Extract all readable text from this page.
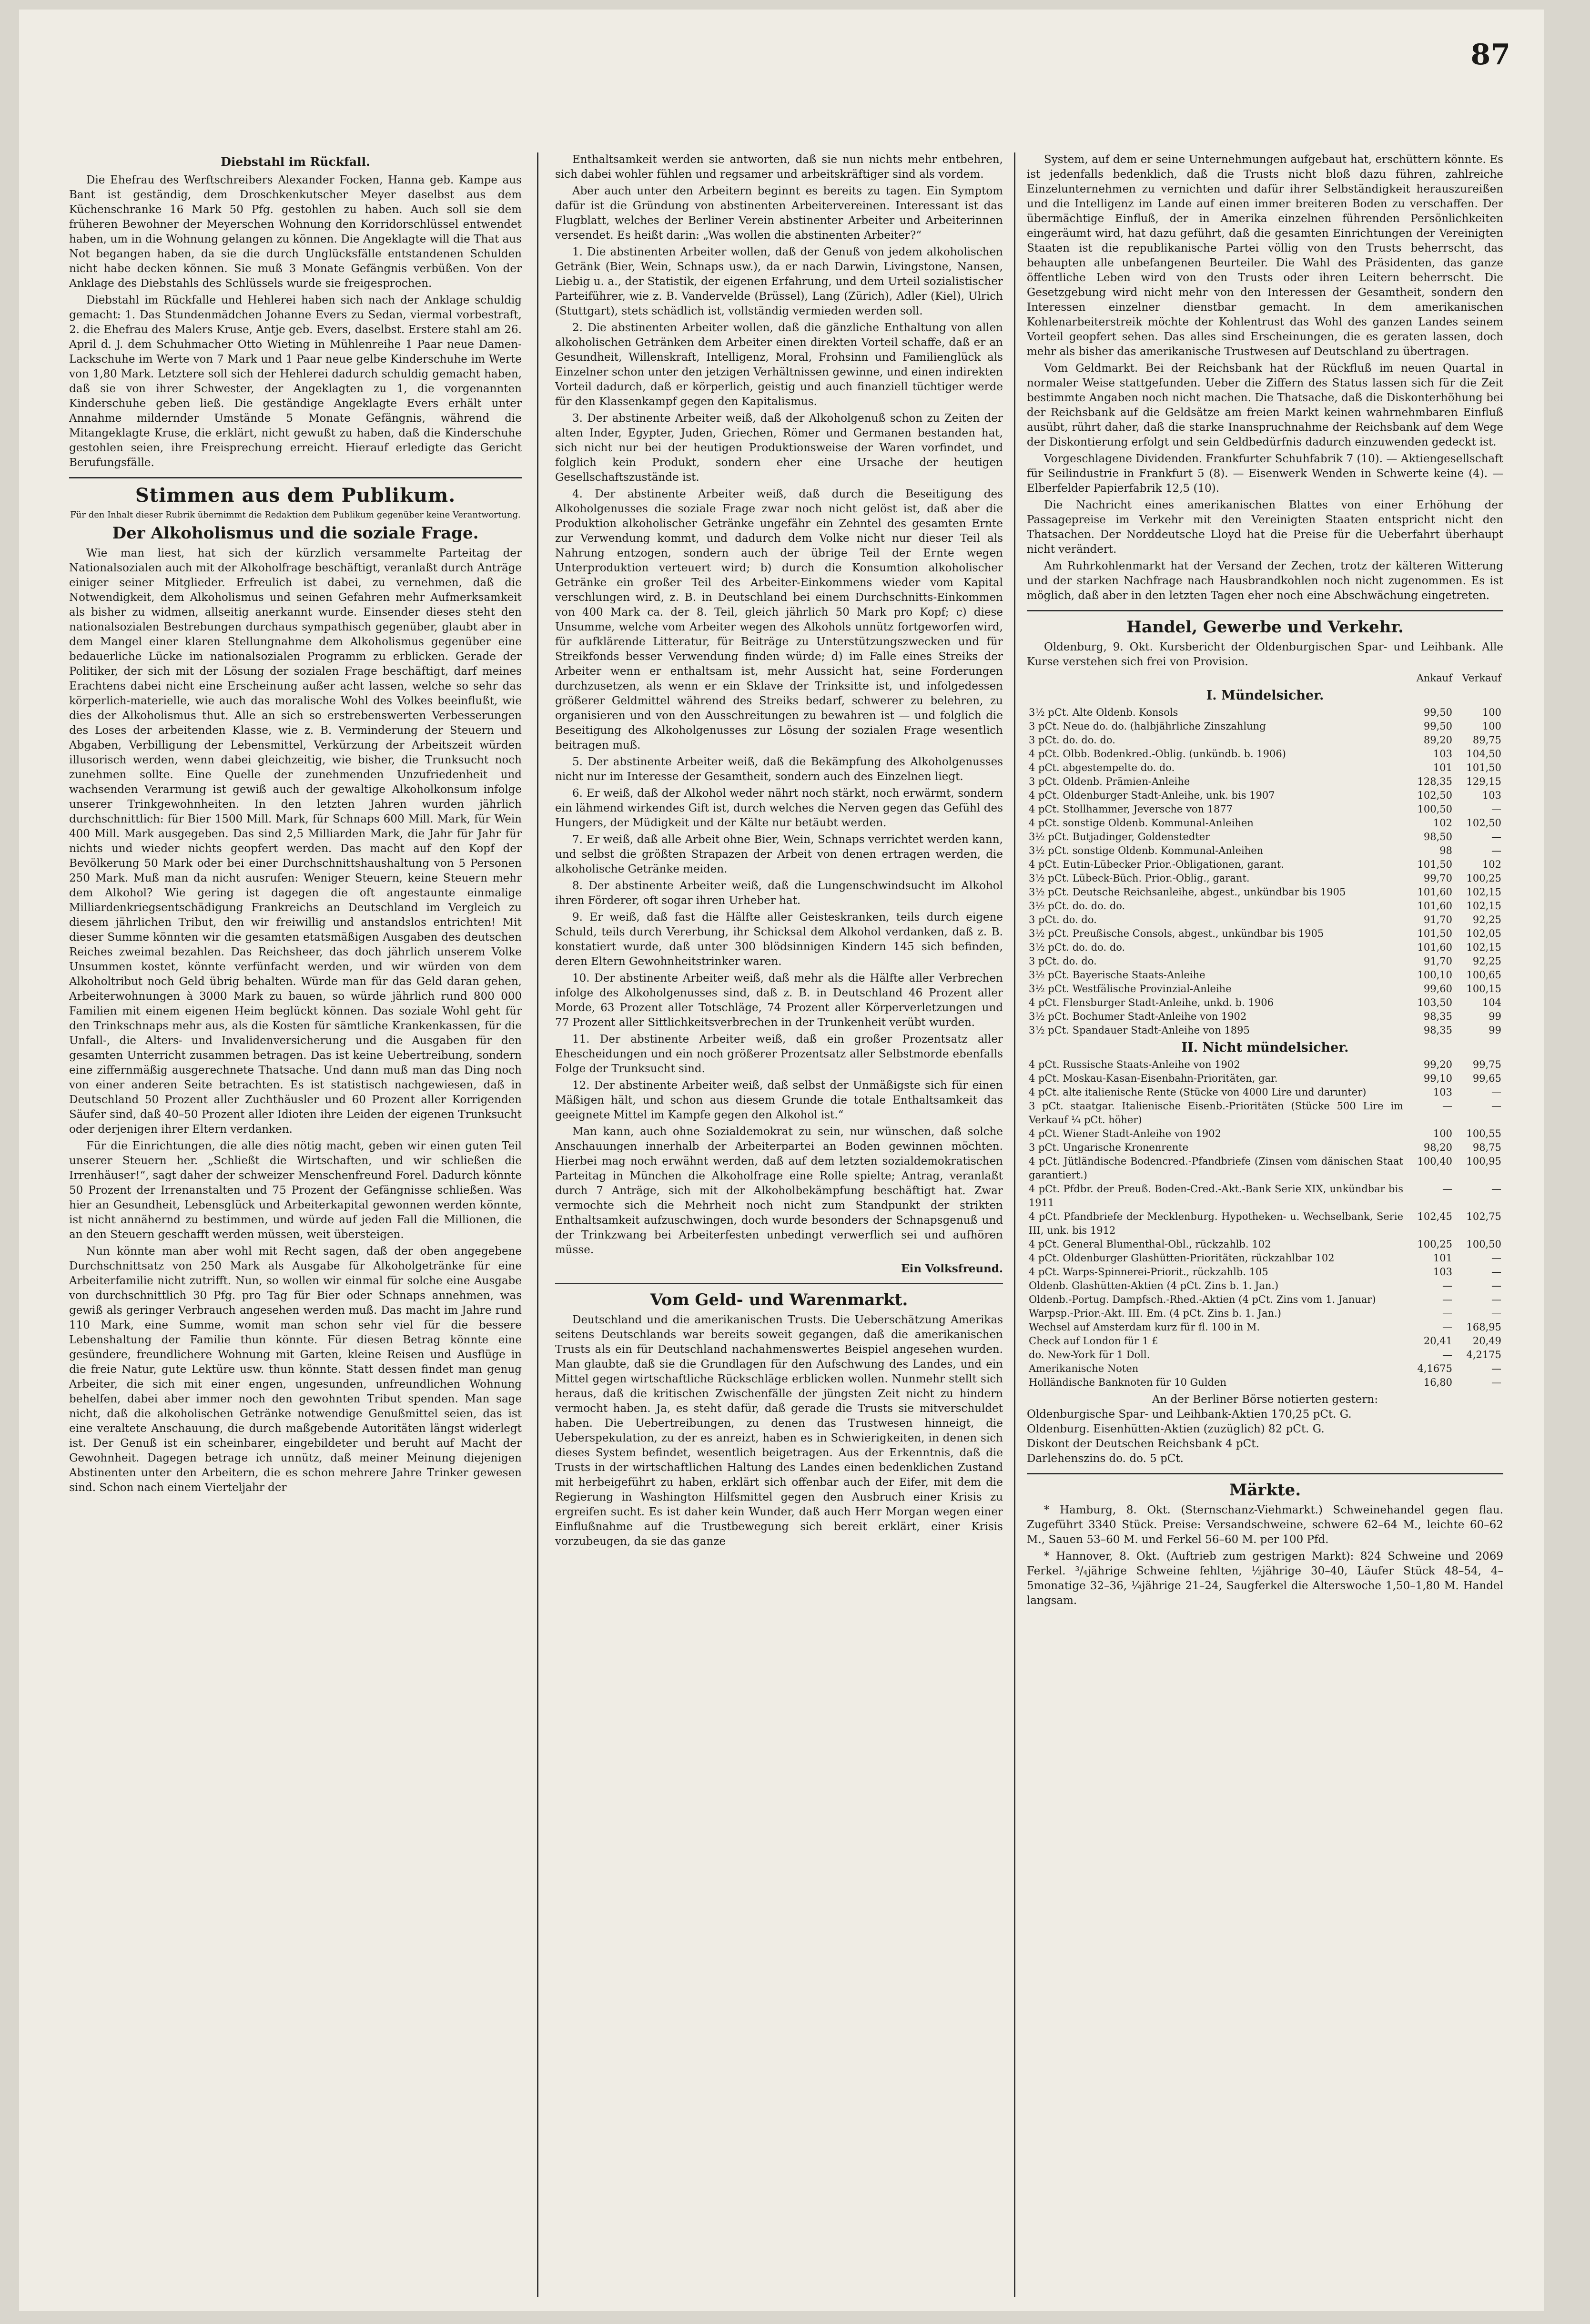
87
Diebstahl im Rückfall.

Die Ehefrau des Werftschreibers Alexander Focken, Hanna geb. Kampe aus Bant ist geständig, dem Droschkenkutscher Meyer daselbst aus dem Küchenschranke 16 Mark 50 Pfg. gestohlen zu haben. Auch soll sie dem früheren Bewohner der Meyerschen Wohnung den Korridorschlüssel entwendet haben, um in die Wohnung gelangen zu können. Die Angeklagte will die That aus Not begangen haben, da sie die durch Unglücksfälle entstandenen Schulden nicht habe decken können. Sie muß 3 Monate Gefängnis verbüßen. Von der Anklage des Diebstahls des Schlüssels wurde sie freigesprochen.

Diebstahl im Rückfalle und Hehlerei haben sich nach der Anklage schuldig gemacht: 1. Das Stundenmädchen Johanne Evers zu Sedan, viermal vorbestraft, 2. die Ehefrau des Malers Kruse, Antje geb. Evers, daselbst. Erstere stahl am 26. April d. J. dem Schuhmacher Otto Wieting in Mühlenreihe 1 Paar neue Damen-Lackschuhe im Werte von 7 Mark und 1 Paar neue gelbe Kinderschuhe im Werte von 1,80 Mark. Letztere soll sich der Hehlerei dadurch schuldig gemacht haben, daß sie von ihrer Schwester, der Angeklagten zu 1, die vorgenannten Kinderschuhe geben ließ. Die geständige Angeklagte Evers erhält unter Annahme mildernder Umstände 5 Monate Gefängnis, während die Mitangeklagte Kruse, die erklärt, nicht gewußt zu haben, daß die Kinderschuhe gestohlen seien, ihre Freisprechung erreicht. Hierauf erledigte das Gericht Berufungsfälle.

Stimmen aus dem Publikum.
Für den Inhalt dieser Rubrik übernimmt die Redaktion dem Publikum gegenüber keine Verantwortung.
Der Alkoholismus und die soziale Frage.

Wie man liest, hat sich der kürzlich versammelte Parteitag der Nationalsozialen auch mit der Alkoholfrage beschäftigt, veranlaßt durch Anträge einiger seiner Mitglieder. Erfreulich ist dabei, zu vernehmen, daß die Notwendigkeit, dem Alkoholismus und seinen Gefahren mehr Aufmerksamkeit als bisher zu widmen, allseitig anerkannt wurde. Einsender dieses steht den nationalsozialen Bestrebungen durchaus sympathisch gegenüber, glaubt aber in dem Mangel einer klaren Stellungnahme dem Alkoholismus gegenüber eine bedauerliche Lücke im nationalsozialen Programm zu erblicken. Gerade der Politiker, der sich mit der Lösung der sozialen Frage beschäftigt, darf meines Erachtens dabei nicht eine Erscheinung außer acht lassen, welche so sehr das körperlich-materielle, wie auch das moralische Wohl des Volkes beeinflußt, wie dies der Alkoholismus thut. Alle an sich so erstrebenswerten Verbesserungen des Loses der arbeitenden Klasse, wie z. B. Verminderung der Steuern und Abgaben, Verbilligung der Lebensmittel, Verkürzung der Arbeitszeit würden illusorisch werden, wenn dabei gleichzeitig, wie bisher, die Trunksucht noch zunehmen sollte. Eine Quelle der zunehmenden Unzufriedenheit und wachsenden Verarmung ist gewiß auch der gewaltige Alkoholkonsum infolge unserer Trinkgewohnheiten. In den letzten Jahren wurden jährlich durchschnittlich: für Bier 1500 Mill. Mark, für Schnaps 600 Mill. Mark, für Wein 400 Mill. Mark ausgegeben. Das sind 2,5 Milliarden Mark, die Jahr für Jahr für nichts und wieder nichts geopfert werden. Das macht auf den Kopf der Bevölkerung 50 Mark oder bei einer Durchschnittshaushaltung von 5 Personen 250 Mark. Muß man da nicht ausrufen: Weniger Steuern, keine Steuern mehr dem Alkohol? Wie gering ist dagegen die oft angestaunte einmalige Milliardenkriegsentschädigung Frankreichs an Deutschland im Vergleich zu diesem jährlichen Tribut, den wir freiwillig und anstandslos entrichten! Mit dieser Summe könnten wir die gesamten etatsmäßigen Ausgaben des deutschen Reiches zweimal bezahlen. Das Reichsheer, das doch jährlich unserem Volke Unsummen kostet, könnte verfünfacht werden, und wir würden von dem Alkoholtribut noch Geld übrig behalten. Würde man für das Geld daran gehen, Arbeiterwohnungen à 3000 Mark zu bauen, so würde jährlich rund 800 000 Familien mit einem eigenen Heim beglückt können. Das soziale Wohl geht für den Trinkschnaps mehr aus, als die Kosten für sämtliche Krankenkassen, für die Unfall-, die Alters- und Invalidenversicherung und die Ausgaben für den gesamten Unterricht zusammen betragen. Das ist keine Uebertreibung, sondern eine ziffernmäßig ausgerechnete Thatsache. Und dann muß man das Ding noch von einer anderen Seite betrachten. Es ist statistisch nachgewiesen, daß in Deutschland 50 Prozent aller Zuchthäusler und 60 Prozent aller Korrigenden Säufer sind, daß 40–50 Prozent aller Idioten ihre Leiden der eigenen Trunksucht oder derjenigen ihrer Eltern verdanken.

Für die Einrichtungen, die alle dies nötig macht, geben wir einen guten Teil unserer Steuern her. „Schließt die Wirtschaften, und wir schließen die Irrenhäuser!“, sagt daher der schweizer Menschenfreund Forel. Dadurch könnte 50 Prozent der Irrenanstalten und 75 Prozent der Gefängnisse schließen. Was hier an Gesundheit, Lebensglück und Arbeiterkapital gewonnen werden könnte, ist nicht annähernd zu bestimmen, und würde auf jeden Fall die Millionen, die an den Steuern geschafft werden müssen, weit übersteigen.

Nun könnte man aber wohl mit Recht sagen, daß der oben angegebene Durchschnittsatz von 250 Mark als Ausgabe für Alkoholgetränke für eine Arbeiterfamilie nicht zutrifft. Nun, so wollen wir einmal für solche eine Ausgabe von durchschnittlich 30 Pfg. pro Tag für Bier oder Schnaps annehmen, was gewiß als geringer Verbrauch angesehen werden muß. Das macht im Jahre rund 110 Mark, eine Summe, womit man schon sehr viel für die bessere Lebenshaltung der Familie thun könnte. Für diesen Betrag könnte eine gesündere, freundlichere Wohnung mit Garten, kleine Reisen und Ausflüge in die freie Natur, gute Lektüre usw. thun könnte. Statt dessen findet man genug Arbeiter, die sich mit einer engen, ungesunden, unfreundlichen Wohnung behelfen, dabei aber immer noch den gewohnten Tribut spenden. Man sage nicht, daß die alkoholischen Getränke notwendige Genußmittel seien, das ist eine veraltete Anschauung, die durch maßgebende Autoritäten längst widerlegt ist. Der Genuß ist ein scheinbarer, eingebildeter und beruht auf Macht der Gewohnheit. Dagegen betrage ich unnütz, daß meiner Meinung diejenigen Abstinenten unter den Arbeitern, die es schon mehrere Jahre Trinker gewesen sind. Schon nach einem Vierteljahr der

Enthaltsamkeit werden sie antworten, daß sie nun nichts mehr entbehren, sich dabei wohler fühlen und regsamer und arbeitskräftiger sind als vordem.

Aber auch unter den Arbeitern beginnt es bereits zu tagen. Ein Symptom dafür ist die Gründung von abstinenten Arbeitervereinen. Interessant ist das Flugblatt, welches der Berliner Verein abstinenter Arbeiter und Arbeiterinnen versendet. Es heißt darin: „Was wollen die abstinenten Arbeiter?“

1. Die abstinenten Arbeiter wollen, daß der Genuß von jedem alkoholischen Getränk (Bier, Wein, Schnaps usw.), da er nach Darwin, Livingstone, Nansen, Liebig u. a., der Statistik, der eigenen Erfahrung, und dem Urteil sozialistischer Parteiführer, wie z. B. Vandervelde (Brüssel), Lang (Zürich), Adler (Kiel), Ulrich (Stuttgart), stets schädlich ist, vollständig vermieden werden soll.

2. Die abstinenten Arbeiter wollen, daß die gänzliche Enthaltung von allen alkoholischen Getränken dem Arbeiter einen direkten Vorteil schaffe, daß er an Gesundheit, Willenskraft, Intelligenz, Moral, Frohsinn und Familienglück als Einzelner schon unter den jetzigen Verhältnissen gewinne, und einen indirekten Vorteil dadurch, daß er körperlich, geistig und auch finanziell tüchtiger werde für den Klassenkampf gegen den Kapitalismus.

3. Der abstinente Arbeiter weiß, daß der Alkoholgenuß schon zu Zeiten der alten Inder, Egypter, Juden, Griechen, Römer und Germanen bestanden hat, sich nicht nur bei der heutigen Produktionsweise der Waren vorfindet, und folglich kein Produkt, sondern eher eine Ursache der heutigen Gesellschaftszustände ist.

4. Der abstinente Arbeiter weiß, daß durch die Beseitigung des Alkoholgenusses die soziale Frage zwar noch nicht gelöst ist, daß aber die Produktion alkoholischer Getränke ungefähr ein Zehntel des gesamten Ernte zur Verwendung kommt, und dadurch dem Volke nicht nur dieser Teil als Nahrung entzogen, sondern auch der übrige Teil der Ernte wegen Unterproduktion verteuert wird; b) durch die Konsumtion alkoholischer Getränke ein großer Teil des Arbeiter-Einkommens wieder vom Kapital verschlungen wird, z. B. in Deutschland bei einem Durchschnitts-Einkommen von 400 Mark ca. der 8. Teil, gleich jährlich 50 Mark pro Kopf; c) diese Unsumme, welche vom Arbeiter wegen des Alkohols unnütz fortgeworfen wird, für aufklärende Litteratur, für Beiträge zu Unterstützungszwecken und für Streikfonds besser Verwendung finden würde; d) im Falle eines Streiks der Arbeiter wenn er enthaltsam ist, mehr Aussicht hat, seine Forderungen durchzusetzen, als wenn er ein Sklave der Trinksitte ist, und infolgedessen größerer Geldmittel während des Streiks bedarf, schwerer zu belehren, zu organisieren und von den Ausschreitungen zu bewahren ist — und folglich die Beseitigung des Alkoholgenusses zur Lösung der sozialen Frage wesentlich beitragen muß.

5. Der abstinente Arbeiter weiß, daß die Bekämpfung des Alkoholgenusses nicht nur im Interesse der Gesamtheit, sondern auch des Einzelnen liegt.

6. Er weiß, daß der Alkohol weder nährt noch stärkt, noch erwärmt, sondern ein lähmend wirkendes Gift ist, durch welches die Nerven gegen das Gefühl des Hungers, der Müdigkeit und der Kälte nur betäubt werden.

7. Er weiß, daß alle Arbeit ohne Bier, Wein, Schnaps verrichtet werden kann, und selbst die größten Strapazen der Arbeit von denen ertragen werden, die alkoholische Getränke meiden.

8. Der abstinente Arbeiter weiß, daß die Lungenschwindsucht im Alkohol ihren Förderer, oft sogar ihren Urheber hat.

9. Er weiß, daß fast die Hälfte aller Geisteskranken, teils durch eigene Schuld, teils durch Vererbung, ihr Schicksal dem Alkohol verdanken, daß z. B. konstatiert wurde, daß unter 300 blödsinnigen Kindern 145 sich befinden, deren Eltern Gewohnheitstrinker waren.

10. Der abstinente Arbeiter weiß, daß mehr als die Hälfte aller Verbrechen infolge des Alkoholgenusses sind, daß z. B. in Deutschland 46 Prozent aller Morde, 63 Prozent aller Totschläge, 74 Prozent aller Körperverletzungen und 77 Prozent aller Sittlichkeitsverbrechen in der Trunkenheit verübt wurden.

11. Der abstinente Arbeiter weiß, daß ein großer Prozentsatz aller Ehescheidungen und ein noch größerer Prozentsatz aller Selbstmorde ebenfalls Folge der Trunksucht sind.

12. Der abstinente Arbeiter weiß, daß selbst der Unmäßigste sich für einen Mäßigen hält, und schon aus diesem Grunde die totale Enthaltsamkeit das geeignete Mittel im Kampfe gegen den Alkohol ist.“

Man kann, auch ohne Sozialdemokrat zu sein, nur wünschen, daß solche Anschauungen innerhalb der Arbeiterpartei an Boden gewinnen möchten. Hierbei mag noch erwähnt werden, daß auf dem letzten sozialdemokratischen Parteitag in München die Alkoholfrage eine Rolle spielte; Antrag, veranlaßt durch 7 Anträge, sich mit der Alkoholbekämpfung beschäftigt hat. Zwar vermochte sich die Mehrheit noch nicht zum Standpunkt der strikten Enthaltsamkeit aufzuschwingen, doch wurde besonders der Schnapsgenuß und der Trinkzwang bei Arbeiterfesten unbedingt verwerflich sei und aufhören müsse.

Ein Volksfreund.
Vom Geld- und Warenmarkt.

Deutschland und die amerikanischen Trusts. Die Ueberschätzung Amerikas seitens Deutschlands war bereits soweit gegangen, daß die amerikanischen Trusts als ein für Deutschland nachahmenswertes Beispiel angesehen wurden. Man glaubte, daß sie die Grundlagen für den Aufschwung des Landes, und ein Mittel gegen wirtschaftliche Rückschläge erblicken wollen. Nunmehr stellt sich heraus, daß die kritischen Zwischenfälle der jüngsten Zeit nicht zu hindern vermocht haben. Ja, es steht dafür, daß gerade die Trusts sie mitverschuldet haben. Die Uebertreibungen, zu denen das Trustwesen hinneigt, die Ueberspekulation, zu der es anreizt, haben es in Schwierigkeiten, in denen sich dieses System befindet, wesentlich beigetragen. Aus der Erkenntnis, daß die Trusts in der wirtschaftlichen Haltung des Landes einen bedenklichen Zustand mit herbeigeführt zu haben, erklärt sich offenbar auch der Eifer, mit dem die Regierung in Washington Hilfsmittel gegen den Ausbruch einer Krisis zu ergreifen sucht. Es ist daher kein Wunder, daß auch Herr Morgan wegen einer Einflußnahme auf die Trustbewegung sich bereit erklärt, einer Krisis vorzubeugen, da sie das ganze

System, auf dem er seine Unternehmungen aufgebaut hat, erschüttern könnte. Es ist jedenfalls bedenklich, daß die Trusts nicht bloß dazu führen, zahlreiche Einzelunternehmen zu vernichten und dafür ihrer Selbständigkeit herauszureißen und die Intelligenz im Lande auf einen immer breiteren Boden zu verschaffen. Der übermächtige Einfluß, der in Amerika einzelnen führenden Persönlichkeiten eingeräumt wird, hat dazu geführt, daß die gesamten Einrichtungen der Vereinigten Staaten ist die republikanische Partei völlig von den Trusts beherrscht, das behaupten alle unbefangenen Beurteiler. Die Wahl des Präsidenten, das ganze öffentliche Leben wird von den Trusts oder ihren Leitern beherrscht. Die Gesetzgebung wird nicht mehr von den Interessen der Gesamtheit, sondern den Interessen einzelner dienstbar gemacht. In dem amerikanischen Kohlenarbeiterstreik möchte der Kohlentrust das Wohl des ganzen Landes seinem Vorteil geopfert sehen. Das alles sind Erscheinungen, die es geraten lassen, doch mehr als bisher das amerikanische Trustwesen auf Deutschland zu übertragen.

Vom Geldmarkt. Bei der Reichsbank hat der Rückfluß im neuen Quartal in normaler Weise stattgefunden. Ueber die Ziffern des Status lassen sich für die Zeit bestimmte Angaben noch nicht machen. Die Thatsache, daß die Diskonterhöhung bei der Reichsbank auf die Geldsätze am freien Markt keinen wahrnehmbaren Einfluß ausübt, rührt daher, daß die starke Inanspruchnahme der Reichsbank auf dem Wege der Diskontierung erfolgt und sein Geldbedürfnis dadurch einzuwenden gedeckt ist.

Vorgeschlagene Dividenden. Frankfurter Schuhfabrik 7 (10). — Aktiengesellschaft für Seilindustrie in Frankfurt 5 (8). — Eisenwerk Wenden in Schwerte keine (4). — Elberfelder Papierfabrik 12,5 (10).

Die Nachricht eines amerikanischen Blattes von einer Erhöhung der Passagepreise im Verkehr mit den Vereinigten Staaten entspricht nicht den Thatsachen. Der Norddeutsche Lloyd hat die Preise für die Ueberfahrt überhaupt nicht verändert.

Am Ruhrkohlenmarkt hat der Versand der Zechen, trotz der kälteren Witterung und der starken Nachfrage nach Hausbrandkohlen noch nicht zugenommen. Es ist möglich, daß aber in den letzten Tagen eher noch eine Abschwächung eingetreten.

Handel, Gewerbe und Verkehr.

Oldenburg, 9. Okt. Kursbericht der Oldenburgischen Spar- und Leihbank. Alle Kurse verstehen sich frei von Provision.

	Ankauf	Verkauf
I. Mündelsicher.
3½ pCt. Alte Oldenb. Konsols	99,50	100
3 pCt. Neue do. do. (halbjährliche Zinszahlung	99,50	100
3 pCt. do. do. do.	89,20	89,75
4 pCt. Olbb. Bodenkred.-Oblig. (unkündb. b. 1906)	103	104,50
4 pCt. abgestempelte do. do.	101	101,50
3 pCt. Oldenb. Prämien-Anleihe	128,35	129,15
4 pCt. Oldenburger Stadt-Anleihe, unk. bis 1907	102,50	103
4 pCt. Stollhammer, Jeversche von 1877	100,50	—
4 pCt. sonstige Oldenb. Kommunal-Anleihen	102	102,50
3½ pCt. Butjadinger, Goldenstedter	98,50	—
3½ pCt. sonstige Oldenb. Kommunal-Anleihen	98	—
4 pCt. Eutin-Lübecker Prior.-Obligationen, garant.	101,50	102
3½ pCt. Lübeck-Büch. Prior.-Oblig., garant.	99,70	100,25
3½ pCt. Deutsche Reichsanleihe, abgest., unkündbar bis 1905	101,60	102,15
3½ pCt. do. do. do.	101,60	102,15
3 pCt. do. do.	91,70	92,25
3½ pCt. Preußische Consols, abgest., unkündbar bis 1905	101,50	102,05
3½ pCt. do. do. do.	101,60	102,15
3 pCt. do. do.	91,70	92,25
3½ pCt. Bayerische Staats-Anleihe	100,10	100,65
3½ pCt. Westfälische Provinzial-Anleihe	99,60	100,15
4 pCt. Flensburger Stadt-Anleihe, unkd. b. 1906	103,50	104
3½ pCt. Bochumer Stadt-Anleihe von 1902	98,35	99
3½ pCt. Spandauer Stadt-Anleihe von 1895	98,35	99
II. Nicht mündelsicher.
4 pCt. Russische Staats-Anleihe von 1902	99,20	99,75
4 pCt. Moskau-Kasan-Eisenbahn-Prioritäten, gar.	99,10	99,65
4 pCt. alte italienische Rente (Stücke von 4000 Lire und darunter)	103	—
3 pCt. staatgar. Italienische Eisenb.-Prioritäten (Stücke 500 Lire im Verkauf ¼ pCt. höher)	—	—
4 pCt. Wiener Stadt-Anleihe von 1902	100	100,55
3 pCt. Ungarische Kronenrente	98,20	98,75
4 pCt. Jütländische Bodencred.-Pfandbriefe (Zinsen vom dänischen Staat garantiert.)	100,40	100,95
4 pCt. Pfdbr. der Preuß. Boden-Cred.-Akt.-Bank Serie XIX, unkündbar bis 1911	—	—
4 pCt. Pfandbriefe der Mecklenburg. Hypotheken- u. Wechselbank, Serie III, unk. bis 1912	102,45	102,75
4 pCt. General Blumenthal-Obl., rückzahlb. 102	100,25	100,50
4 pCt. Oldenburger Glashütten-Prioritäten, rückzahlbar 102	101	—
4 pCt. Warps-Spinnerei-Priorit., rückzahlb. 105	103	—
Oldenb. Glashütten-Aktien (4 pCt. Zins b. 1. Jan.)	—	—
Oldenb.-Portug. Dampfsch.-Rhed.-Aktien (4 pCt. Zins vom 1. Januar)	—	—
Warpsp.-Prior.-Akt. III. Em. (4 pCt. Zins b. 1. Jan.)	—	—
Wechsel auf Amsterdam kurz für fl. 100 in M.	—	168,95
Check auf London für 1 £	20,41	20,49
do. New-York für 1 Doll.	—	4,2175
Amerikanische Noten	4,1675	—
Holländische Banknoten für 10 Gulden	16,80	—
An der Berliner Börse notierten gestern:
Oldenburgische Spar- und Leihbank-Aktien 170,25 pCt. G.
Oldenburg. Eisenhütten-Aktien (zuzüglich) 82 pCt. G.
Diskont der Deutschen Reichsbank 4 pCt.
Darlehenszins do. do. 5 pCt.
Märkte.

* Hamburg, 8. Okt. (Sternschanz-Viehmarkt.) Schweinehandel gegen flau. Zugeführt 3340 Stück. Preise: Versandschweine, schwere 62–64 M., leichte 60–62 M., Sauen 53–60 M. und Ferkel 56–60 M. per 100 Pfd.

* Hannover, 8. Okt. (Auftrieb zum gestrigen Markt): 824 Schweine und 2069 Ferkel. ³/₄jährige Schweine fehlten, ½jährige 30–40, Läufer Stück 48–54, 4–5monatige 32–36, ¼jährige 21–24, Saugferkel die Alterswoche 1,50–1,80 M. Handel langsam.
